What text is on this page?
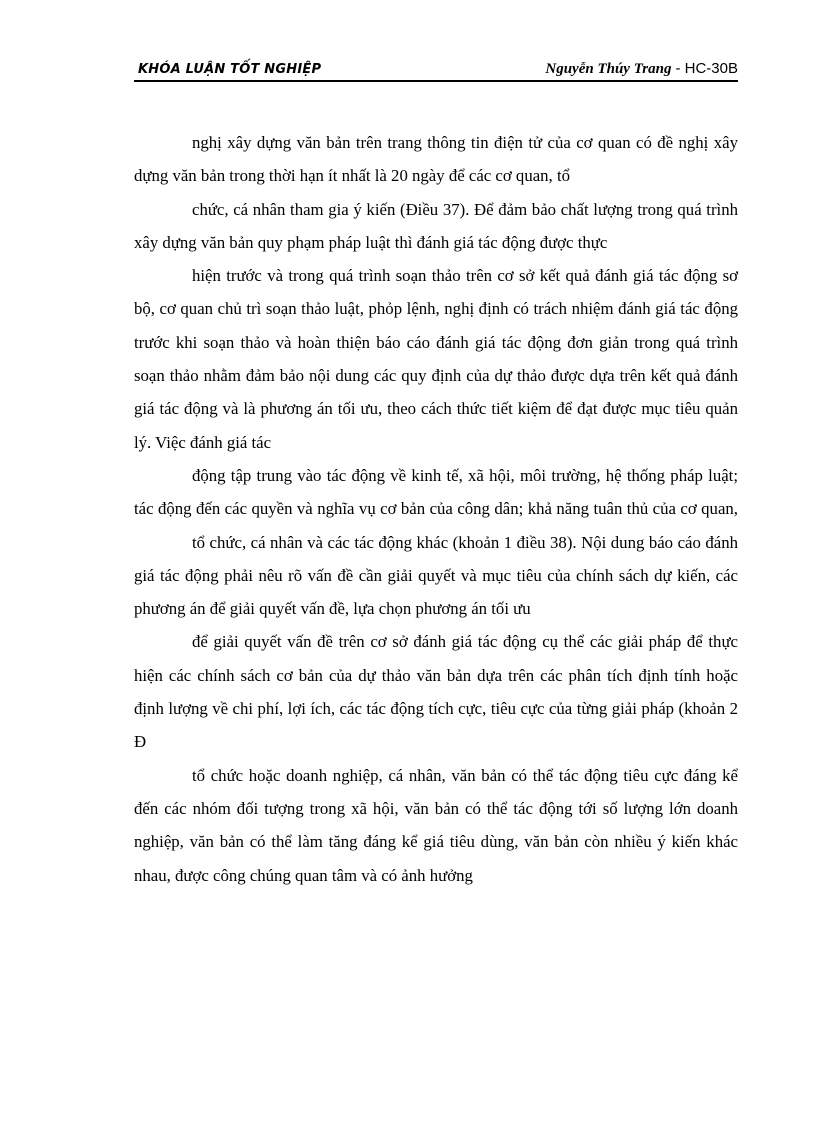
KHÓA LUẬN TỐT NGHIỆP	Nguyễn Thúy Trang - HC-30B

nghị xây dựng văn bản trên trang thông tin điện tử của cơ quan có đề nghị xây dựng văn bản trong thời hạn ít nhất là 20 ngày để các cơ quan, tổ

chức, cá nhân tham gia ý kiến (Điều 37). Để đảm bảo chất lượng trong quá trình xây dựng văn bản quy phạm pháp luật thì đánh giá tác động được thực

hiện trước và trong quá trình soạn thảo trên cơ sở kết quả đánh giá tác động sơ bộ, cơ quan chủ trì soạn thảo luật, phỏp lệnh, nghị định có trách nhiệm đánh giá tác động trước khi soạn thảo và hoàn thiện báo cáo đánh giá tác động đơn giản trong quá trình soạn thảo nhằm đảm bảo nội dung các quy định của dự thảo được dựa trên kết quả đánh giá tác động và là phương án tối ưu, theo cách thức tiết kiệm để đạt được mục tiêu quản lý. Việc đánh giá tác

động tập trung vào tác động về kinh tế, xã hội, môi trường, hệ thống pháp luật; tác động đến các quyền và nghĩa vụ cơ bản của công dân; khả năng tuân thủ của cơ quan,

tổ chức, cá nhân và các tác động khác (khoản 1 điều 38). Nội dung báo cáo đánh giá tác động phải nêu rõ vấn đề cần giải quyết và mục tiêu của chính sách dự kiến, các phương án để giải quyết vấn đề, lựa chọn phương án tối ưu

để giải quyết vấn đề trên cơ sở đánh giá tác động cụ thể các giải pháp để thực hiện các chính sách cơ bản của dự thảo văn bản dựa trên các phân tích định tính hoặc định lượng về chi phí, lợi ích, các tác động tích cực, tiêu cực của từng giải pháp (khoản 2 Đ

tổ chức hoặc doanh nghiệp, cá nhân, văn bản có thể tác động tiêu cực đáng kể đến các nhóm đối tượng trong xã hội, văn bản có thể tác động tới số lượng lớn doanh nghiệp, văn bản có thể làm tăng đáng kể giá tiêu dùng, văn bản còn nhiều ý kiến khác nhau, được công chúng quan tâm và có ảnh hưởng
